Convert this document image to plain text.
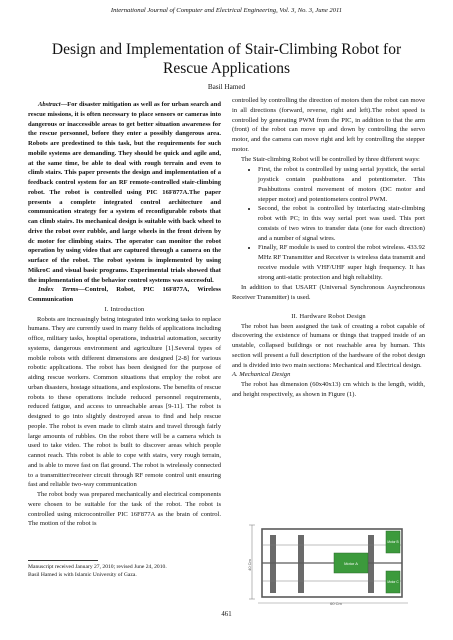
International Journal of Computer and Electrical Engineering, Vol. 3, No. 3, June 2011
Design and Implementation of Stair-Climbing Robot for Rescue Applications
Basil Hamed

Abstract—For disaster mitigation as well as for urban search and rescue missions, it is often necessary to place sensors or cameras into dangerous or inaccessible areas to get better situation awareness for the rescue personnel, before they enter a possibly dangerous area. Robots are predestined to this task, but the requirements for such mobile systems are demanding. They should be quick and agile and, at the same time, be able to deal with rough terrain and even to climb stairs. This paper presents the design and implementation of a feedback control system for an RF remote-controlled stair-climbing robot. The robot is controlled using PIC 16F877A.The paper presents a complete integrated control architecture and communication strategy for a system of reconfigurable robots that can climb stairs. Its mechanical design is suitable with back wheel to drive the robot over rubble, and large wheels in the front driven by dc motor for climbing stairs. The operator can monitor the robot operation by using video that are captured through a camera on the surface of the robot. The robot system is implemented by using MikroC and visual basic programs. Experimental trials showed that the implementation of the behavior control systems was successful.

Index Terms—Control, Robot, PIC 16F877A, Wireless Communication

I. Introduction

Robots are increasingly being integrated into working tasks to replace humans. They are currently used in many fields of applications including office, military tasks, hospital operations, industrial automation, security systems, dangerous environment and agriculture [1].Several types of mobile robots with different dimensions are designed [2-8] for various robotic applications. The robot has been designed for the purpose of aiding rescue workers. Common situations that employ the robot are urban disasters, hostage situations, and explosions. The benefits of rescue robots to these operations include reduced personnel requirements, reduced fatigue, and access to unreachable areas [9-11]. The robot is designed to go into slightly destroyed areas to find and help rescue people. The robot is even made to climb stairs and travel through fairly large amounts of rubbles. On the robot there will be a camera which is used to take video. The robot is built to discover areas which people cannot reach. This robot is able to cope with stairs, very rough terrain, and is able to move fast on flat ground. The robot is wirelessly connected to a transmitter/receiver circuit through RF remote control unit ensuring fast and reliable two-way communication

The robot body was prepared mechanically and electrical components were chosen to be suitable for the task of the robot. The robot is controlled using microcontroller PIC 16F877A as the brain of control. The motion of the robot is

controlled by controlling the direction of motors then the robot can move in all directions (forward, reverse, right and left).The robot speed is controlled by generating PWM from the PIC, in addition to that the arm (front) of the robot can move up and down by controlling the servo motor, and the camera can move right and left by controlling the stepper motor.

The Stair-climbing Robot will be controlled by three different ways:

• First, the robot is controlled by using serial joystick, the serial joystick contain pushbuttons and potentiometer. This Pushbuttons control movement of motors (DC motor and stepper motor) and potentiometers control PWM.
• Second, the robot is controlled by interfacing stair-climbing robot with PC; in this way serial port was used. This port consists of two wires to transfer data (one for each direction) and a number of signal wires.
• Finally, RF module is used to control the robot wireless. 433.92 MHz RF Transmitter and Receiver is wireless data transmit and receive module with VHF/UHF super high frequency. It has strong anti-static protection and high reliability.

In addition to that USART (Universal Synchronous Asynchronous Receiver Transmitter) is used.

II. Hardware Robot Design

The robot has been assigned the task of creating a robot capable of discovering the existence of humans or things that trapped inside of an unstable, collapsed buildings or not reachable area by human. This section will present a full description of the hardware of the robot design and is divided into two main sections: Mechanical and Electrical design.

A. Mechanical Design

The robot has dimension (60x40x13) cm which is the length, width, and height respectively, as shown in Figure (1).

40 Cm
60 Cm
Motor B
Motor C
Motor A
Manuscript received January 27, 2010; revised June 24, 2010.
Basil Hamed is with Islamic University of Gaza.
461
